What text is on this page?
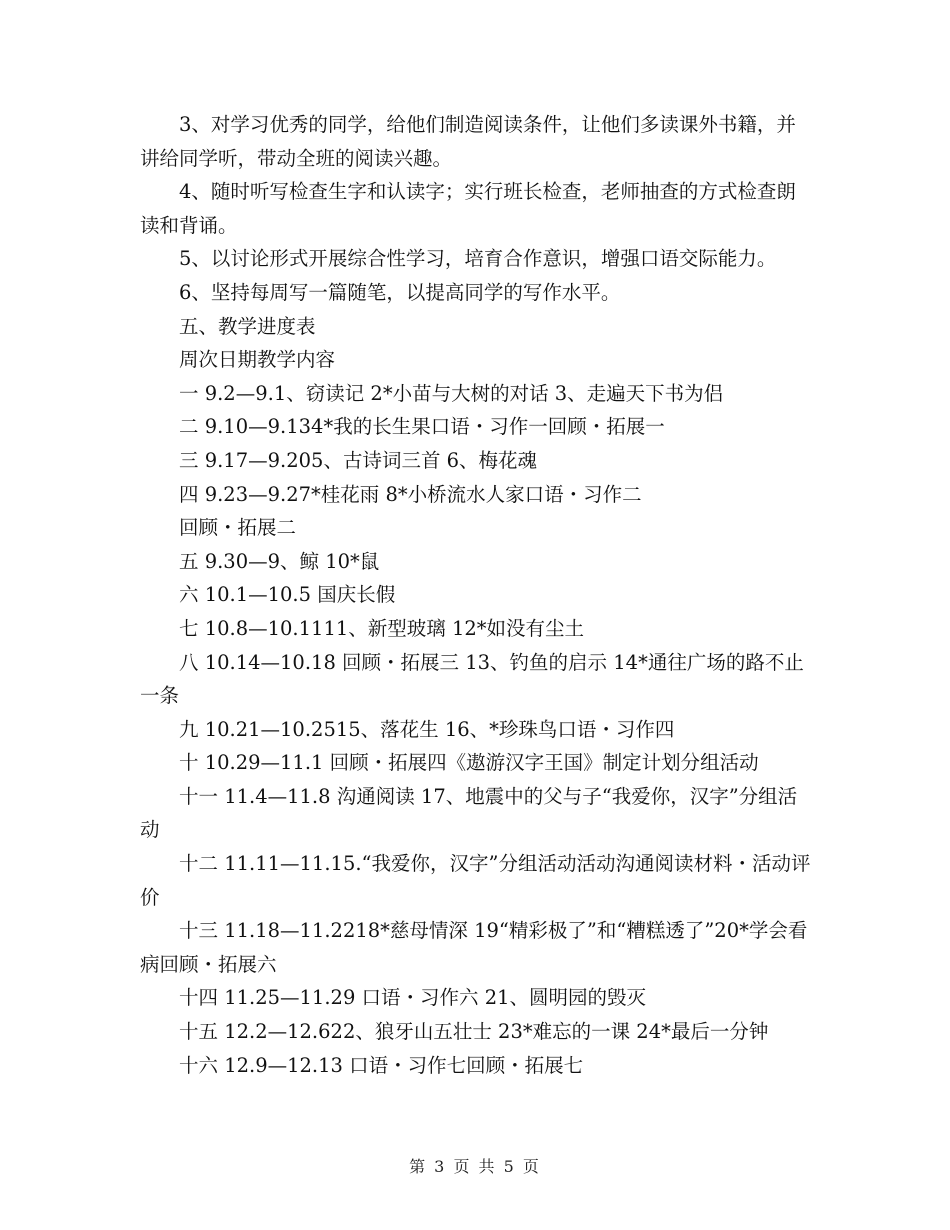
3、对学习优秀的同学，给他们制造阅读条件，让他们多读课外书籍，并讲给同学听，带动全班的阅读兴趣。

4、随时听写检查生字和认读字；实行班长检查，老师抽查的方式检查朗读和背诵。

5、以讨论形式开展综合性学习，培育合作意识，增强口语交际能力。

6、坚持每周写一篇随笔，以提高同学的写作水平。

五、教学进度表

周次日期教学内容

一 9.2—9.1、窃读记 2*小苗与大树的对话 3、走遍天下书为侣

二 9.10—9.134*我的长生果口语・习作一回顾・拓展一

三 9.17—9.205、古诗词三首 6、梅花魂

四 9.23—9.27*桂花雨 8*小桥流水人家口语・习作二

回顾・拓展二

五 9.30—9、鲸 10*鼠

六 10.1—10.5 国庆长假

七 10.8—10.1111、新型玻璃 12*如没有尘土

八 10.14—10.18 回顾・拓展三 13、钓鱼的启示 14*通往广场的路不止一条

九 10.21—10.2515、落花生 16、*珍珠鸟口语・习作四

十 10.29—11.1 回顾・拓展四《遨游汉字王国》制定计划分组活动

十一 11.4—11.8 沟通阅读 17、地震中的父与子“我爱你，汉字”分组活动

十二 11.11—11.15.“我爱你，汉字”分组活动活动沟通阅读材料・活动评价

十三 11.18—11.2218*慈母情深 19“精彩极了”和“糟糕透了”20*学会看病回顾・拓展六

十四 11.25—11.29 口语・习作六 21、圆明园的毁灭

十五 12.2—12.622、狼牙山五壮士 23*难忘的一课 24*最后一分钟

十六 12.9—12.13 口语・习作七回顾・拓展七

第 3 页 共 5 页
